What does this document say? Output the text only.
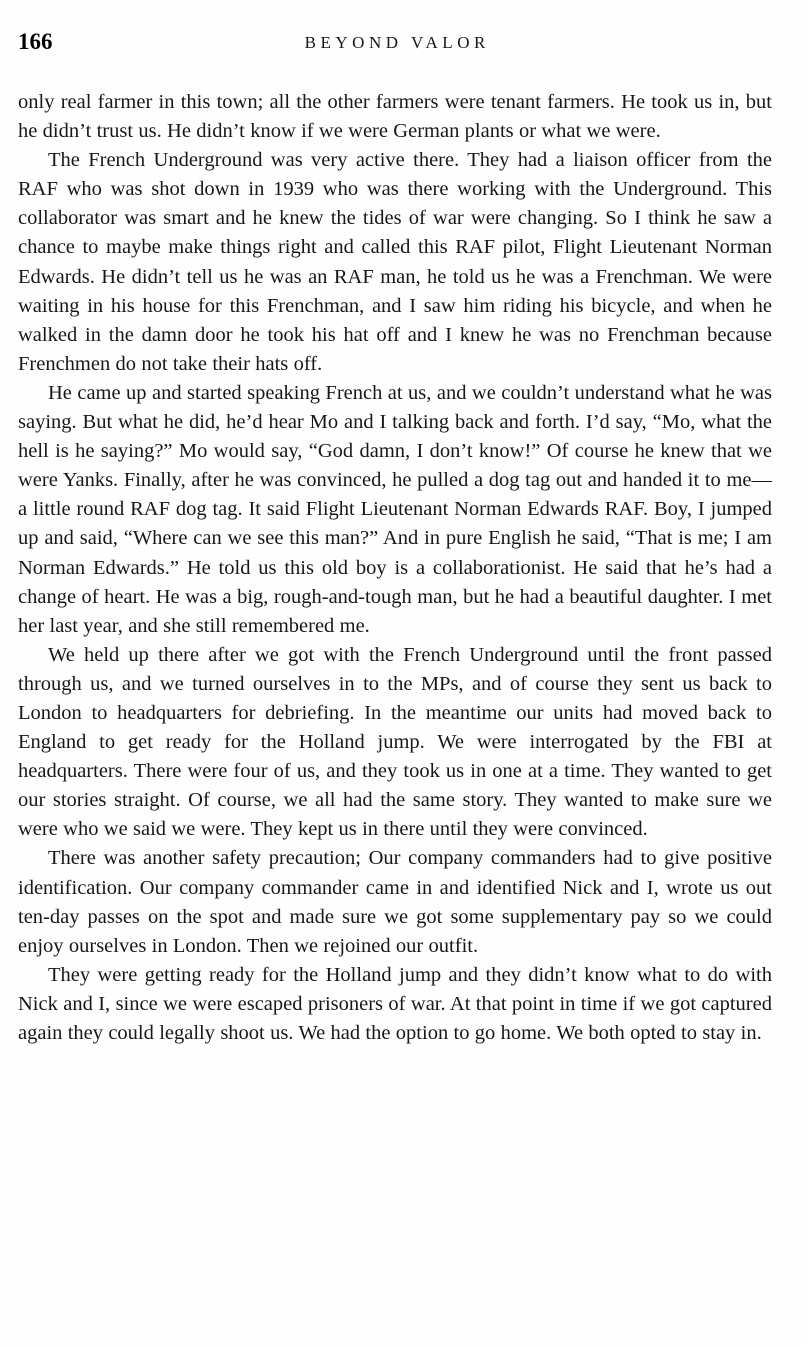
166	BEYOND VALOR

only real farmer in this town; all the other farmers were tenant farmers. He took us in, but he didn’t trust us. He didn’t know if we were German plants or what we were.

The French Underground was very active there. They had a liaison officer from the RAF who was shot down in 1939 who was there working with the Underground. This collaborator was smart and he knew the tides of war were changing. So I think he saw a chance to maybe make things right and called this RAF pilot, Flight Lieutenant Norman Edwards. He didn’t tell us he was an RAF man, he told us he was a Frenchman. We were waiting in his house for this Frenchman, and I saw him riding his bicycle, and when he walked in the damn door he took his hat off and I knew he was no Frenchman because Frenchmen do not take their hats off.

He came up and started speaking French at us, and we couldn’t understand what he was saying. But what he did, he’d hear Mo and I talking back and forth. I’d say, “Mo, what the hell is he saying?” Mo would say, “God damn, I don’t know!” Of course he knew that we were Yanks. Finally, after he was convinced, he pulled a dog tag out and handed it to me—a little round RAF dog tag. It said Flight Lieutenant Norman Edwards RAF. Boy, I jumped up and said, “Where can we see this man?” And in pure English he said, “That is me; I am Norman Edwards.” He told us this old boy is a collaborationist. He said that he’s had a change of heart. He was a big, rough-and-tough man, but he had a beautiful daughter. I met her last year, and she still remembered me.

We held up there after we got with the French Underground until the front passed through us, and we turned ourselves in to the MPs, and of course they sent us back to London to headquarters for debriefing. In the meantime our units had moved back to England to get ready for the Holland jump. We were interrogated by the FBI at headquarters. There were four of us, and they took us in one at a time. They wanted to get our stories straight. Of course, we all had the same story. They wanted to make sure we were who we said we were. They kept us in there until they were convinced.

There was another safety precaution; Our company commanders had to give positive identification. Our company commander came in and identified Nick and I, wrote us out ten-day passes on the spot and made sure we got some supplementary pay so we could enjoy ourselves in London. Then we rejoined our outfit.

They were getting ready for the Holland jump and they didn’t know what to do with Nick and I, since we were escaped prisoners of war. At that point in time if we got captured again they could legally shoot us. We had the option to go home. We both opted to stay in.
